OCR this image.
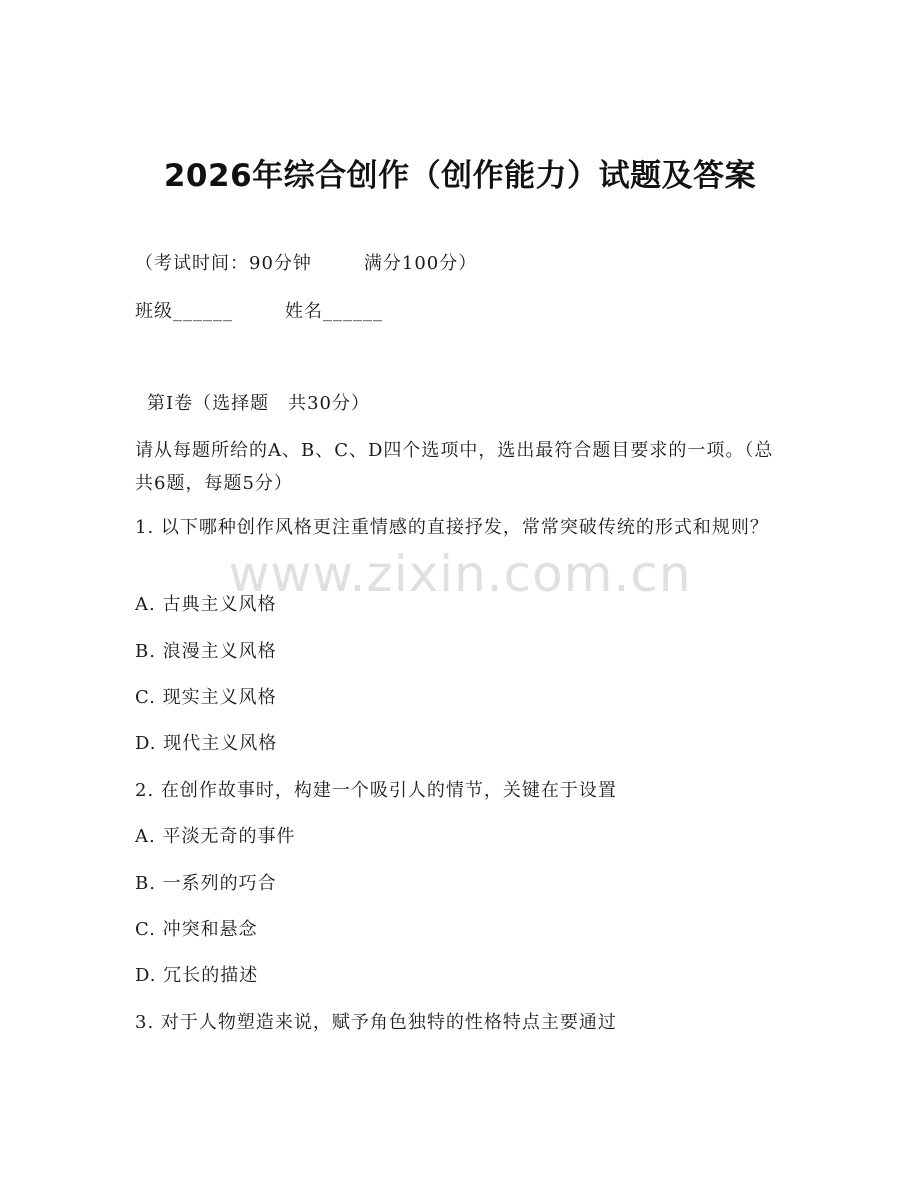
2026年综合创作（创作能力）试题及答案
（考试时间：90分钟	满分100分）
班级______	姓名______
第Ⅰ卷（选择题　共30分）
请从每题所给的A、B、C、D四个选项中，选出最符合题目要求的一项。（总共6题，每题5分）
1. 以下哪种创作风格更注重情感的直接抒发，常常突破传统的形式和规则？
A. 古典主义风格
B. 浪漫主义风格
C. 现实主义风格
D. 现代主义风格
2. 在创作故事时，构建一个吸引人的情节，关键在于设置
A. 平淡无奇的事件
B. 一系列的巧合
C. 冲突和悬念
D. 冗长的描述
3. 对于人物塑造来说，赋予角色独特的性格特点主要通过
www.zixin.com.cn
